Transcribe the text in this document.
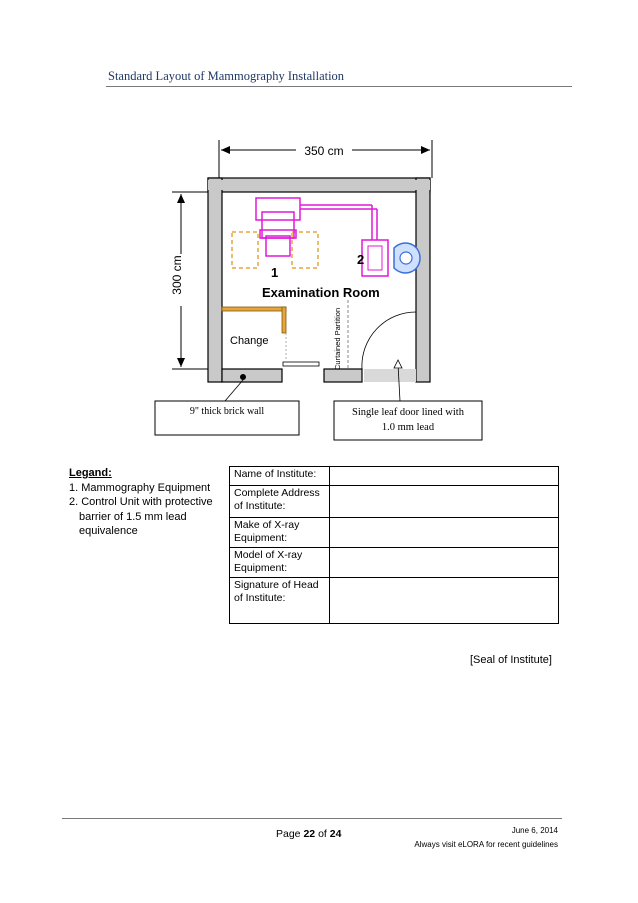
Standard Layout of Mammography Installation
350 cm
300 cm	1
2
Examination Room
Change	Curtained Partition
9" thick brick wall	Single leaf door lined with
1.0 mm lead
Legand:
1. Mammography Equipment
2. Control Unit with protective barrier of 1.5 mm lead equivalence
Name of Institute:	
Complete Address of Institute:	
Make of X-ray Equipment:	
Model of X-ray Equipment:	
Signature of Head of Institute:	
[Seal of Institute]
Page 22 of 24	June 6, 2014
Always visit eLORA for recent guidelines
